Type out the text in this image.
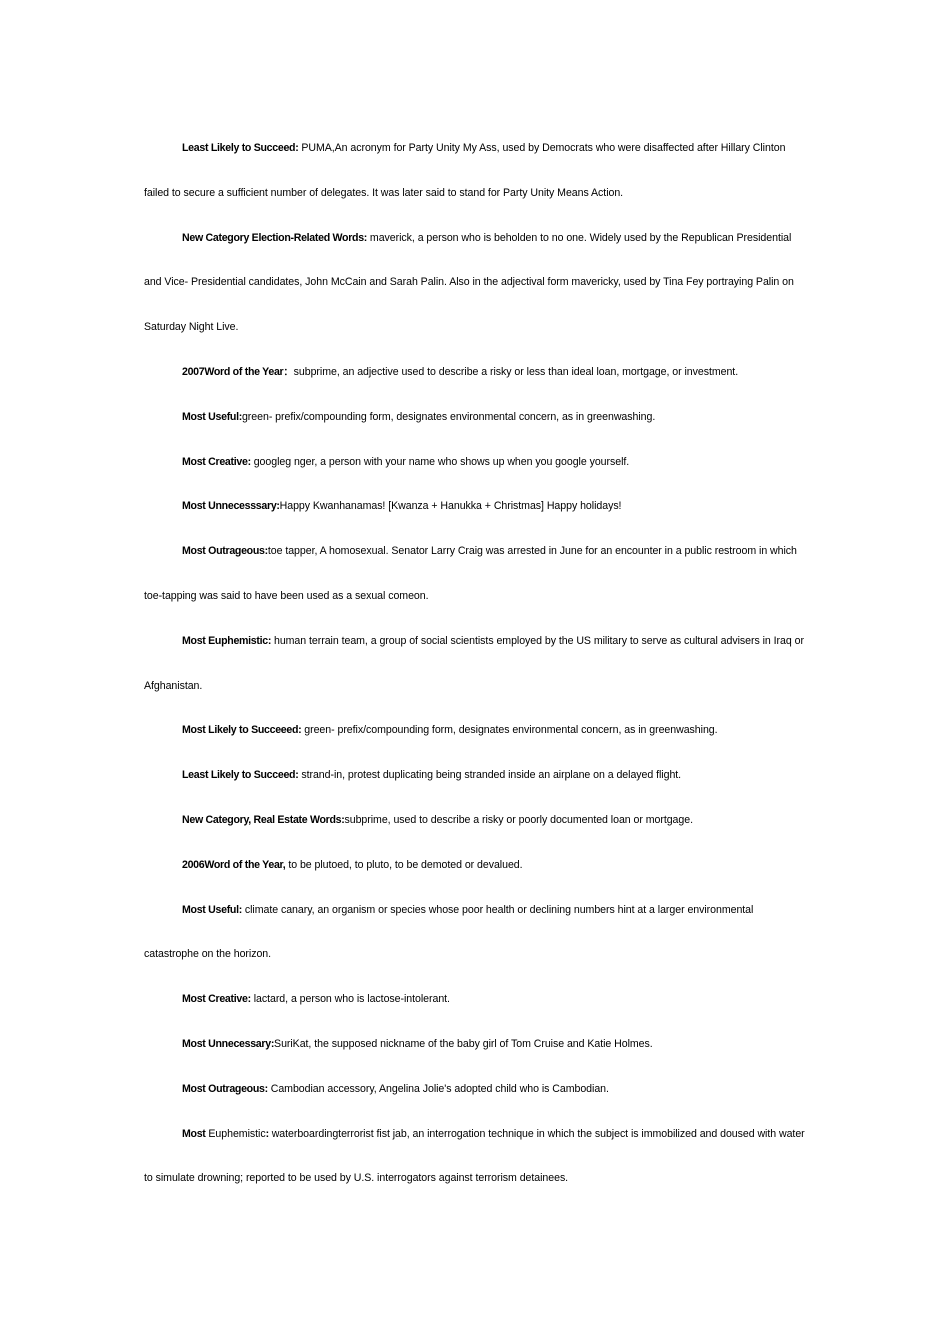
Least Likely to Succeed: PUMA,An acronym for Party Unity My Ass, used by Democrats who were disaffected after Hillary Clinton failed to secure a sufficient number of delegates. It was later said to stand for Party Unity Means Action.

New Category Election-Related Words: maverick, a person who is beholden to no one. Widely used by the Republican Presidential and Vice- Presidential candidates, John McCain and Sarah Palin. Also in the adjectival form mavericky, used by Tina Fey portraying Palin on Saturday Night Live.

2007Word of the Year：subprime, an adjective used to describe a risky or less than ideal loan, mortgage, or investment.

Most Useful:green- prefix/compounding form, designates environmental concern, as in greenwashing.

Most Creative: googleg nger, a person with your name who shows up when you google yourself.

Most Unnecesssary:Happy Kwanhanamas! [Kwanza + Hanukka + Christmas] Happy holidays!

Most Outrageous:toe tapper, A homosexual. Senator Larry Craig was arrested in June for an encounter in a public restroom in which toe-tapping was said to have been used as a sexual comeon.

Most Euphemistic: human terrain team, a group of social scientists employed by the US military to serve as cultural advisers in Iraq or Afghanistan.

Most Likely to Succeeed: green- prefix/compounding form, designates environmental concern, as in greenwashing.

Least Likely to Succeed: strand-in, protest duplicating being stranded inside an airplane on a delayed flight.

New Category, Real Estate Words:subprime, used to describe a risky or poorly documented loan or mortgage.

2006Word of the Year, to be plutoed, to pluto, to be demoted or devalued.

Most Useful: climate canary, an organism or species whose poor health or declining numbers hint at a larger environmental catastrophe on the horizon.

Most Creative: lactard, a person who is lactose-intolerant.

Most Unnecessary:SuriKat, the supposed nickname of the baby girl of Tom Cruise and Katie Holmes.

Most Outrageous: Cambodian accessory, Angelina Jolie's adopted child who is Cambodian.

Most Euphemistic: waterboardingterrorist fist jab, an interrogation technique in which the subject is immobilized and doused with water to simulate drowning; reported to be used by U.S. interrogators against terrorism detainees.
